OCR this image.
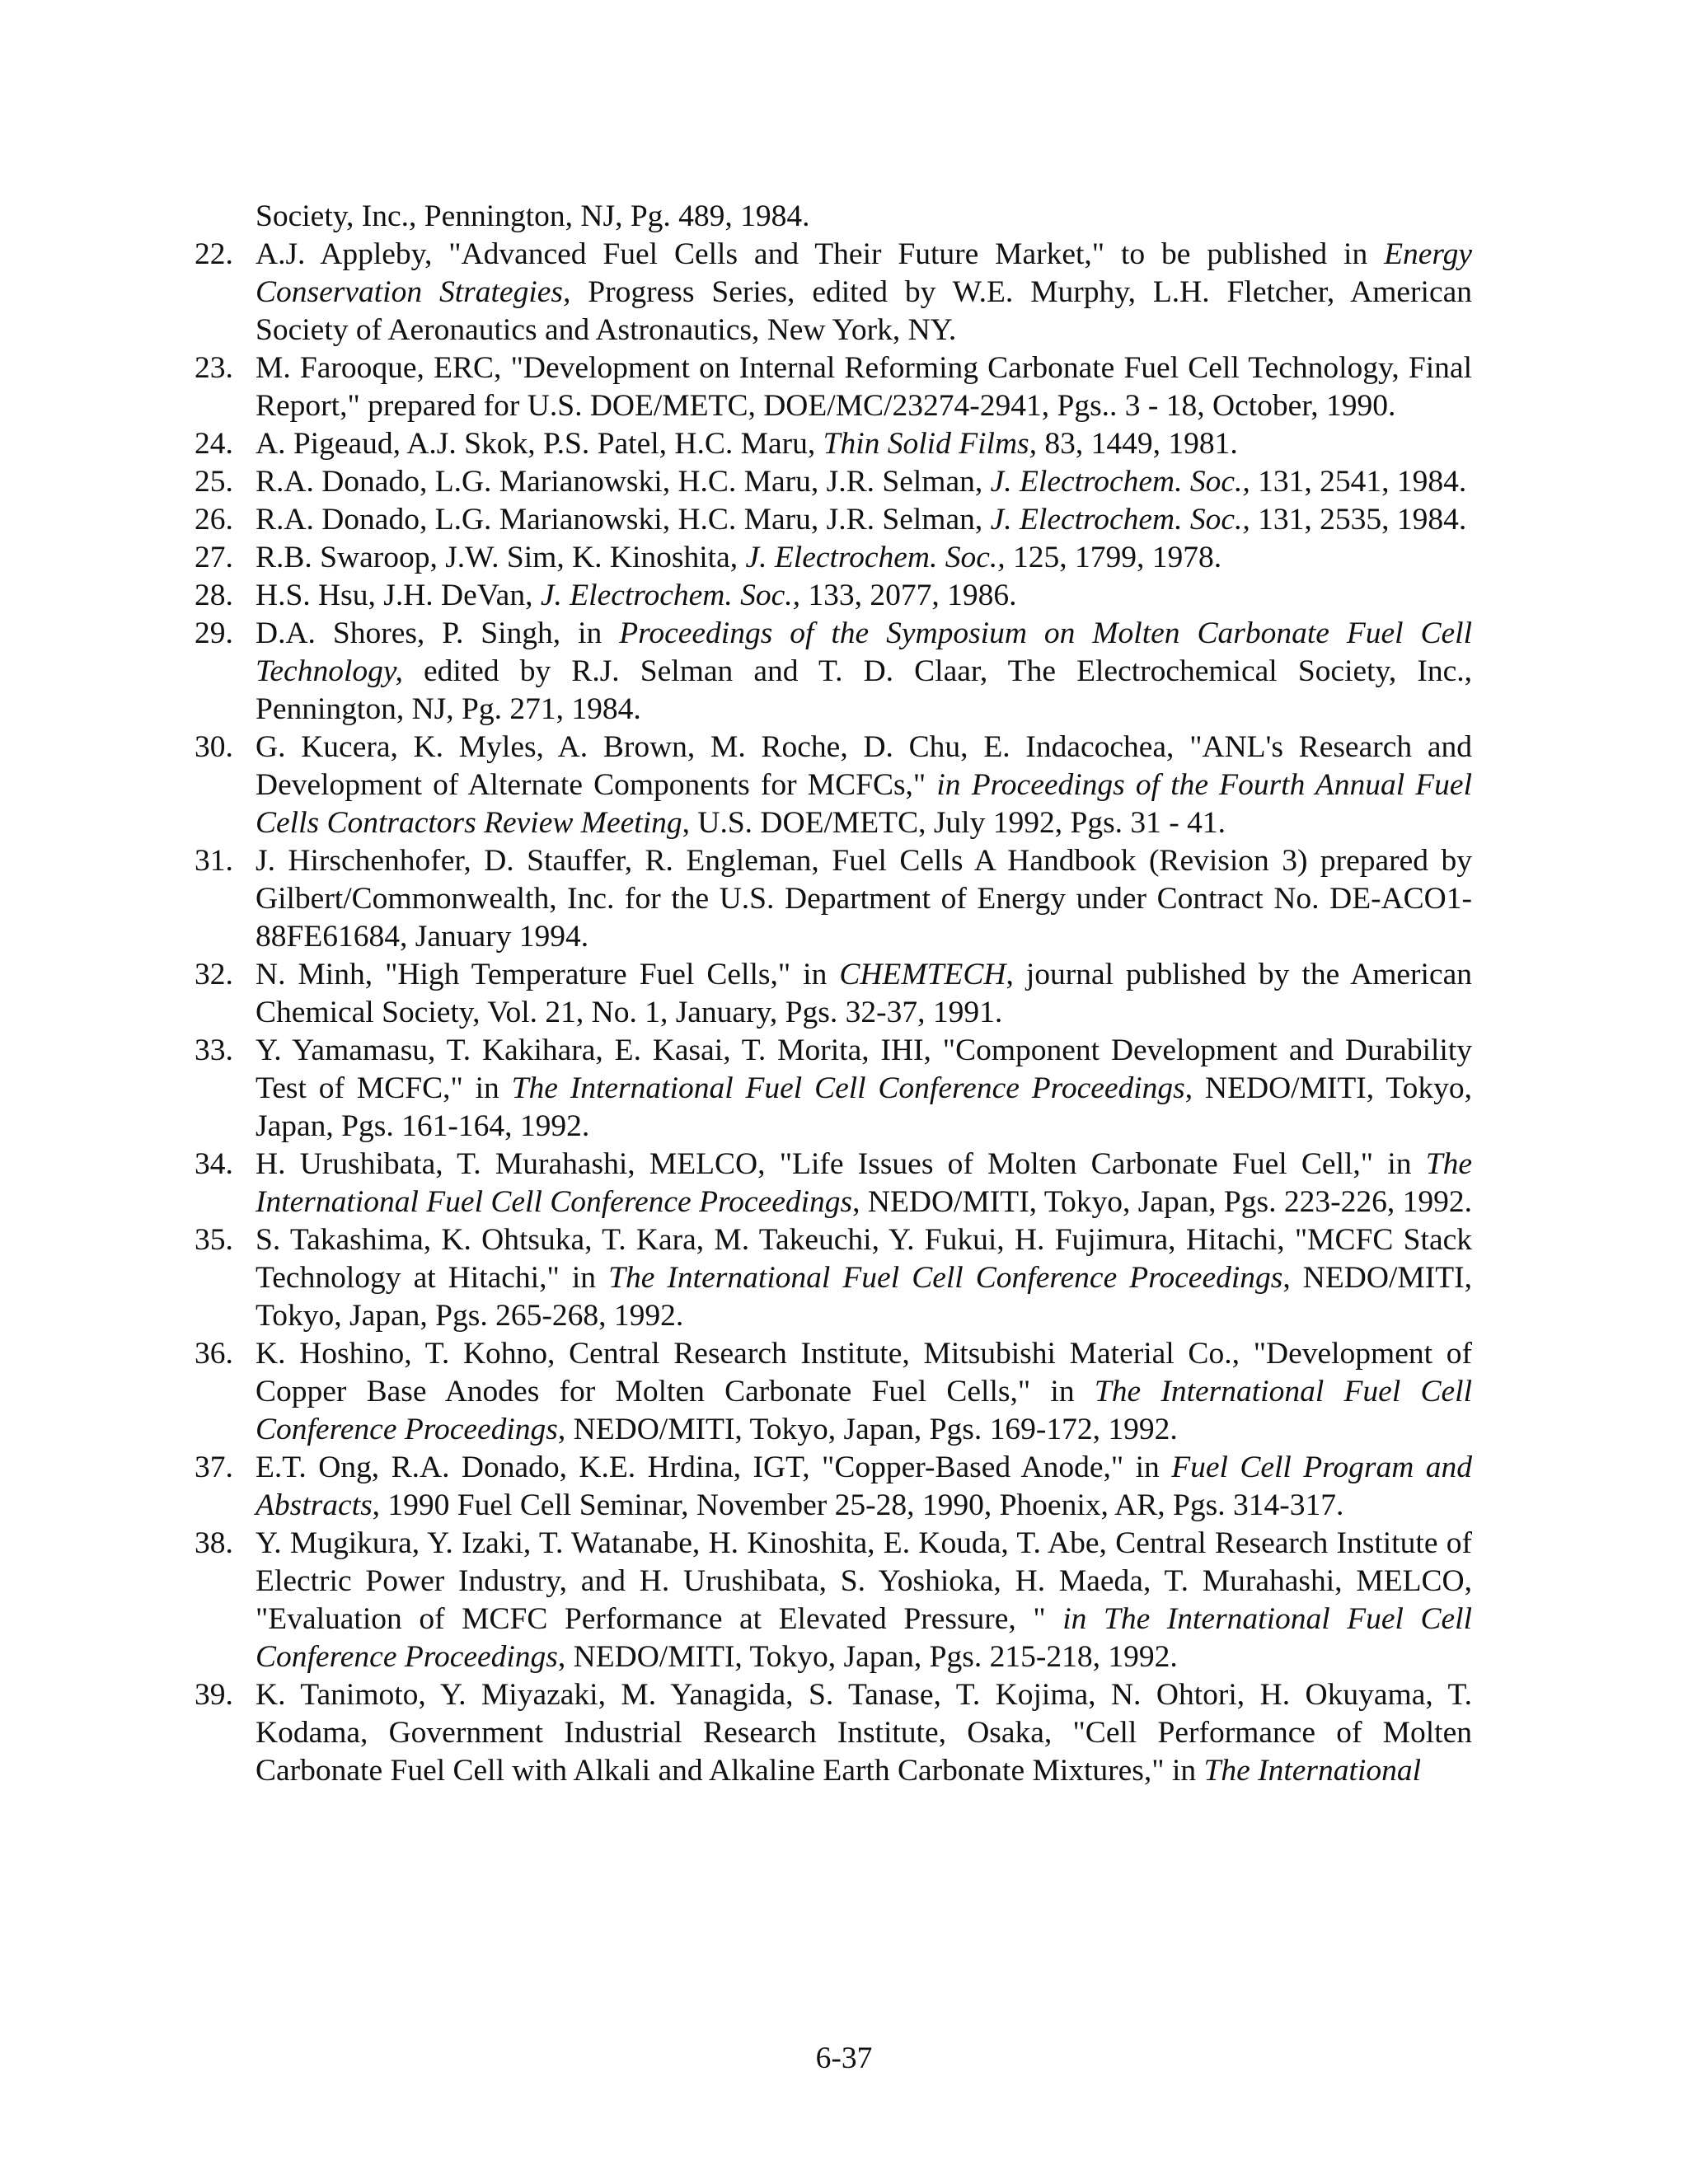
Society, Inc., Pennington, NJ, Pg. 489, 1984.

22. A.J. Appleby, "Advanced Fuel Cells and Their Future Market," to be published in Energy Conservation Strategies, Progress Series, edited by W.E. Murphy, L.H. Fletcher, American Society of Aeronautics and Astronautics, New York, NY.

23. M. Farooque, ERC, "Development on Internal Reforming Carbonate Fuel Cell Technology, Final Report," prepared for U.S. DOE/METC, DOE/MC/23274-2941, Pgs.. 3 - 18, October, 1990.

24. A. Pigeaud, A.J. Skok, P.S. Patel, H.C. Maru, Thin Solid Films, 83, 1449, 1981.

25. R.A. Donado, L.G. Marianowski, H.C. Maru, J.R. Selman, J. Electrochem. Soc., 131, 2541, 1984.

26. R.A. Donado, L.G. Marianowski, H.C. Maru, J.R. Selman, J. Electrochem. Soc., 131, 2535, 1984.

27. R.B. Swaroop, J.W. Sim, K. Kinoshita, J. Electrochem. Soc., 125, 1799, 1978.

28. H.S. Hsu, J.H. DeVan, J. Electrochem. Soc., 133, 2077, 1986.

29. D.A. Shores, P. Singh, in Proceedings of the Symposium on Molten Carbonate Fuel Cell Technology, edited by R.J. Selman and T. D. Claar, The Electrochemical Society, Inc., Pennington, NJ, Pg. 271, 1984.

30. G. Kucera, K. Myles, A. Brown, M. Roche, D. Chu, E. Indacochea, "ANL's Research and Development of Alternate Components for MCFCs," in Proceedings of the Fourth Annual Fuel Cells Contractors Review Meeting, U.S. DOE/METC, July 1992, Pgs. 31 - 41.

31. J. Hirschenhofer, D. Stauffer, R. Engleman, Fuel Cells A Handbook (Revision 3) prepared by Gilbert/Commonwealth, Inc. for the U.S. Department of Energy under Contract No. DE-ACO1-88FE61684, January 1994.

32. N. Minh, "High Temperature Fuel Cells," in CHEMTECH, journal published by the American Chemical Society, Vol. 21, No. 1, January, Pgs. 32-37, 1991.

33. Y. Yamamasu, T. Kakihara, E. Kasai, T. Morita, IHI, "Component Development and Durability Test of MCFC," in The International Fuel Cell Conference Proceedings, NEDO/MITI, Tokyo, Japan, Pgs. 161-164, 1992.

34. H. Urushibata, T. Murahashi, MELCO, "Life Issues of Molten Carbonate Fuel Cell," in The International Fuel Cell Conference Proceedings, NEDO/MITI, Tokyo, Japan, Pgs. 223-226, 1992.

35. S. Takashima, K. Ohtsuka, T. Kara, M. Takeuchi, Y. Fukui, H. Fujimura, Hitachi, "MCFC Stack Technology at Hitachi," in The International Fuel Cell Conference Proceedings, NEDO/MITI, Tokyo, Japan, Pgs. 265-268, 1992.

36. K. Hoshino, T. Kohno, Central Research Institute, Mitsubishi Material Co., "Development of Copper Base Anodes for Molten Carbonate Fuel Cells," in The International Fuel Cell Conference Proceedings, NEDO/MITI, Tokyo, Japan, Pgs. 169-172, 1992.

37. E.T. Ong, R.A. Donado, K.E. Hrdina, IGT, "Copper-Based Anode," in Fuel Cell Program and Abstracts, 1990 Fuel Cell Seminar, November 25-28, 1990, Phoenix, AR, Pgs. 314-317.

38. Y. Mugikura, Y. Izaki, T. Watanabe, H. Kinoshita, E. Kouda, T. Abe, Central Research Institute of Electric Power Industry, and H. Urushibata, S. Yoshioka, H. Maeda, T. Murahashi, MELCO, "Evaluation of MCFC Performance at Elevated Pressure, " in The International Fuel Cell Conference Proceedings, NEDO/MITI, Tokyo, Japan, Pgs. 215-218, 1992.

39. K. Tanimoto, Y. Miyazaki, M. Yanagida, S. Tanase, T. Kojima, N. Ohtori, H. Okuyama, T. Kodama, Government Industrial Research Institute, Osaka, "Cell Performance of Molten Carbonate Fuel Cell with Alkali and Alkaline Earth Carbonate Mixtures," in The International

6-37
